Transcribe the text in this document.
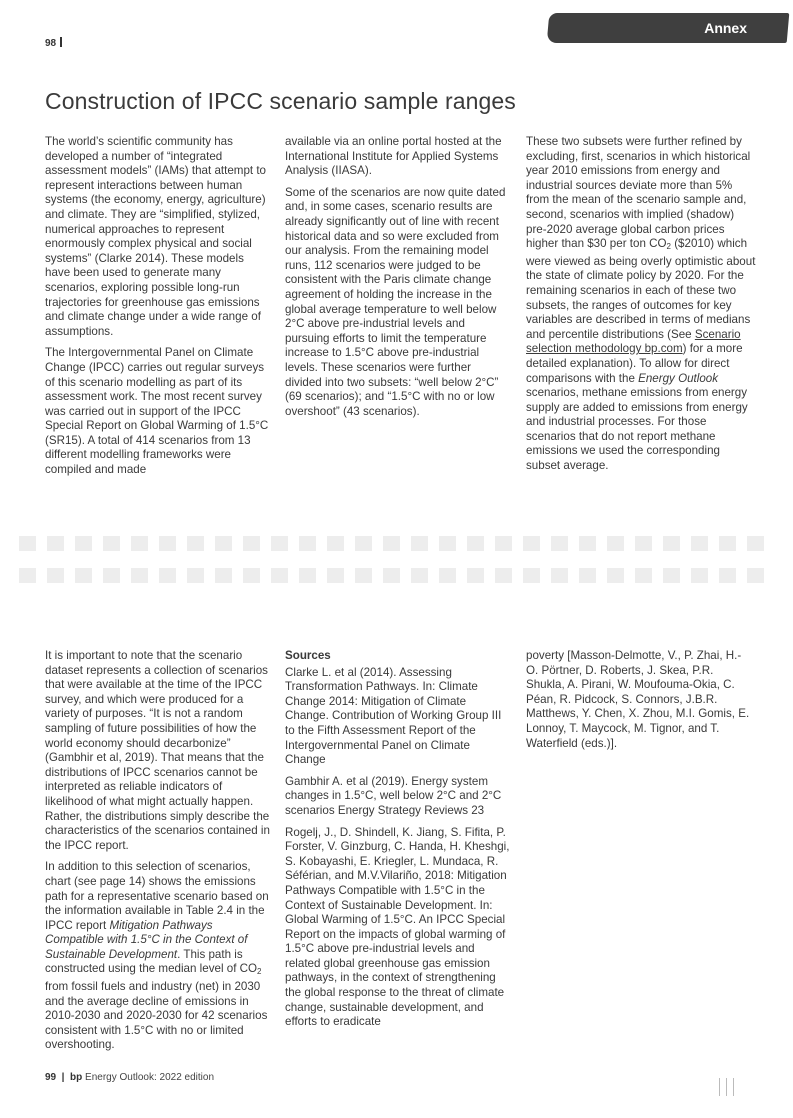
98
Annex
Construction of IPCC scenario sample ranges

The world’s scientific community has developed a number of “integrated assessment models” (IAMs) that attempt to represent interactions between human systems (the economy, energy, agriculture) and climate. They are “simplified, stylized, numerical approaches to represent enormously complex physical and social systems” (Clarke 2014). These models have been used to generate many scenarios, exploring possible long-run trajectories for greenhouse gas emissions and climate change under a wide range of assumptions.

The Intergovernmental Panel on Climate Change (IPCC) carries out regular surveys of this scenario modelling as part of its assessment work. The most recent survey was carried out in support of the IPCC Special Report on Global Warming of 1.5°C (SR15). A total of 414 scenarios from 13 different modelling frameworks were compiled and made

available via an online portal hosted at the International Institute for Applied Systems Analysis (IIASA).

Some of the scenarios are now quite dated and, in some cases, scenario results are already significantly out of line with recent historical data and so were excluded from our analysis. From the remaining model runs, 112 scenarios were judged to be consistent with the Paris climate change agreement of holding the increase in the global average temperature to well below 2°C above pre-industrial levels and pursuing efforts to limit the temperature increase to 1.5°C above pre-industrial levels. These scenarios were further divided into two subsets: “well below 2°C” (69 scenarios); and “1.5°C with no or low overshoot” (43 scenarios).

These two subsets were further refined by excluding, first, scenarios in which historical year 2010 emissions from energy and industrial sources deviate more than 5% from the mean of the scenario sample and, second, scenarios with implied (shadow) pre-2020 average global carbon prices higher than $30 per ton $CO_2$ ($2010) which were viewed as being overly optimistic about the state of climate policy by 2020. For the remaining scenarios in each of these two subsets, the ranges of outcomes for key variables are described in terms of medians and percentile distributions (See Scenario selection methodology bp.com) for a more detailed explanation). To allow for direct comparisons with the Energy Outlook scenarios, methane emissions from energy supply are added to emissions from energy and industrial processes. For those scenarios that do not report methane emissions we used the corresponding subset average.

It is important to note that the scenario dataset represents a collection of scenarios that were available at the time of the IPCC survey, and which were produced for a variety of purposes. “It is not a random sampling of future possibilities of how the world economy should decarbonize” (Gambhir et al, 2019). That means that the distributions of IPCC scenarios cannot be interpreted as reliable indicators of likelihood of what might actually happen. Rather, the distributions simply describe the characteristics of the scenarios contained in the IPCC report.

In addition to this selection of scenarios, chart (see page 14) shows the emissions path for a representative scenario based on the information available in Table 2.4 in the IPCC report Mitigation Pathways Compatible with 1.5°C in the Context of Sustainable Development. This path is constructed using the median level of $CO_2$ from fossil fuels and industry (net) in 2030 and the average decline of emissions in 2010-2030 and 2020-2030 for 42 scenarios consistent with 1.5°C with no or limited overshooting.

Sources

Clarke L. et al (2014). Assessing Transformation Pathways. In: Climate Change 2014: Mitigation of Climate Change. Contribution of Working Group III to the Fifth Assessment Report of the Intergovernmental Panel on Climate Change

Gambhir A. et al (2019). Energy system changes in 1.5°C, well below 2°C and 2°C scenarios Energy Strategy Reviews 23

Rogelj, J., D. Shindell, K. Jiang, S. Fifita, P. Forster, V. Ginzburg, C. Handa, H. Kheshgi, S. Kobayashi, E. Kriegler, L. Mundaca, R. Séférian, and M.V.Vilariño, 2018: Mitigation Pathways Compatible with 1.5°C in the Context of Sustainable Development. In: Global Warming of 1.5°C. An IPCC Special Report on the impacts of global warming of 1.5°C above pre-industrial levels and related global greenhouse gas emission pathways, in the context of strengthening the global response to the threat of climate change, sustainable development, and efforts to eradicate

poverty [Masson-Delmotte, V., P. Zhai, H.-O. Pörtner, D. Roberts, J. Skea, P.R. Shukla, A. Pirani, W. Moufouma-Okia, C. Péan, R. Pidcock, S. Connors, J.B.R. Matthews, Y. Chen, X. Zhou, M.I. Gomis, E. Lonnoy, T. Maycock, M. Tignor, and T. Waterfield (eds.)].

99  |  bp Energy Outlook: 2022 edition
